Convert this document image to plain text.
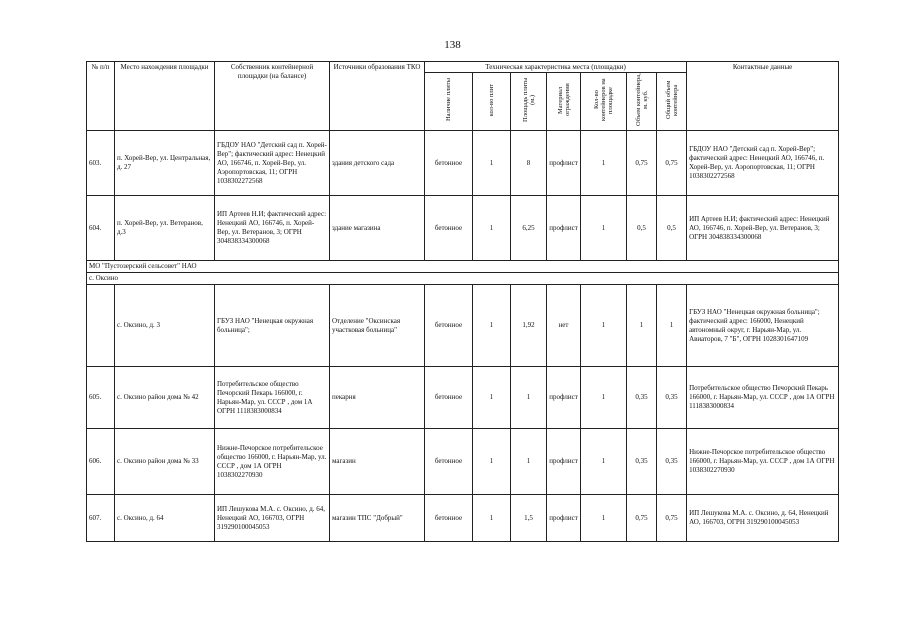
138
№ п/п	Место нахождения площадки	Собственник контейнерной площадки (на балансе)	Источники образования ТКО	Техническая характеристика места (площадки)							Контактные данные
				Наличие плиты	кол-во плит	Площадь плиты (м.)	Материал ограждения	Кол-во контейнеров на площадке	Объем контейнера, м. куб.	Общий объем контейнера	
603.	п. Хорей-Вер, ул. Центральная, д. 27	ГБДОУ НАО "Детский сад п. Хорей-Вер"; фактический адрес: Ненецкий АО, 166746, п. Хорей-Вер, ул. Аэропортовская, 11; ОГРН 1038302272568	здания детского сада	бетонное	1	8	профлист	1	0,75	0,75	ГБДОУ НАО "Детский сад п. Хорей-Вер"; фактический адрес: Ненецкий АО, 166746, п. Хорей-Вер, ул. Аэропортовская, 11; ОГРН 1038302272568
604.	п. Хорей-Вер, ул. Ветеранов, д.3	ИП Артеев Н.И; фактический адрес: Ненецкий АО, 166746, п. Хорей-Вер, ул. Ветеранов, 3; ОГРН 304838334300068	здание магазина	бетонное	1	6,25	профлист	1	0,5	0,5	ИП Артеев Н.И; фактический адрес: Ненецкий АО, 166746, п. Хорей-Вер, ул. Ветеранов, 3; ОГРН 304838334300068
МО "Пустозерский сельсовет" НАО											
с. Оксино											
	с. Оксино, д. 3	ГБУЗ НАО "Ненецкая окружная больница";	Отделение "Оксинская участковая больница"	бетонное	1	1,92	нет	1	1	1	ГБУЗ НАО "Ненецкая окружная больница"; фактический адрес: 166000, Ненецкий автономный округ, г. Нарьян-Мар, ул. Авиаторов, 7 "Б", ОГРН 1028301647109
605.	с. Оксино район дома № 42	Потребительское общество Печорский Пекарь 166000, г. Нарьян-Мар, ул. СССР , дом 1А ОГРН 1118383000834	пекарня	бетонное	1	1	профлист	1	0,35	0,35	Потребительское общество Печорский Пекарь 166000, г. Нарьян-Мар, ул. СССР , дом 1А ОГРН 1118383000834
606.	с. Оксино район дома № 33	Нижне-Печорское потребительское общество 166000, г. Нарьян-Мар, ул. СССР , дом 1А ОГРН 1038302270930	магазин	бетонное	1	1	профлист	1	0,35	0,35	Нижне-Печорское потребительское общество 166000, г. Нарьян-Мар, ул. СССР , дом 1А ОГРН 1038302270930
607.	с. Оксино, д. 64	ИП Лешукова М.А. с. Оксино, д. 64, Ненецкий АО, 166703, ОГРН 319290100045053	магазин ТПС "Добрый"	бетонное	1	1,5	профлист	1	0,75	0,75	ИП Лешукова М.А. с. Оксино, д. 64, Ненецкий АО, 166703, ОГРН 319290100045053
